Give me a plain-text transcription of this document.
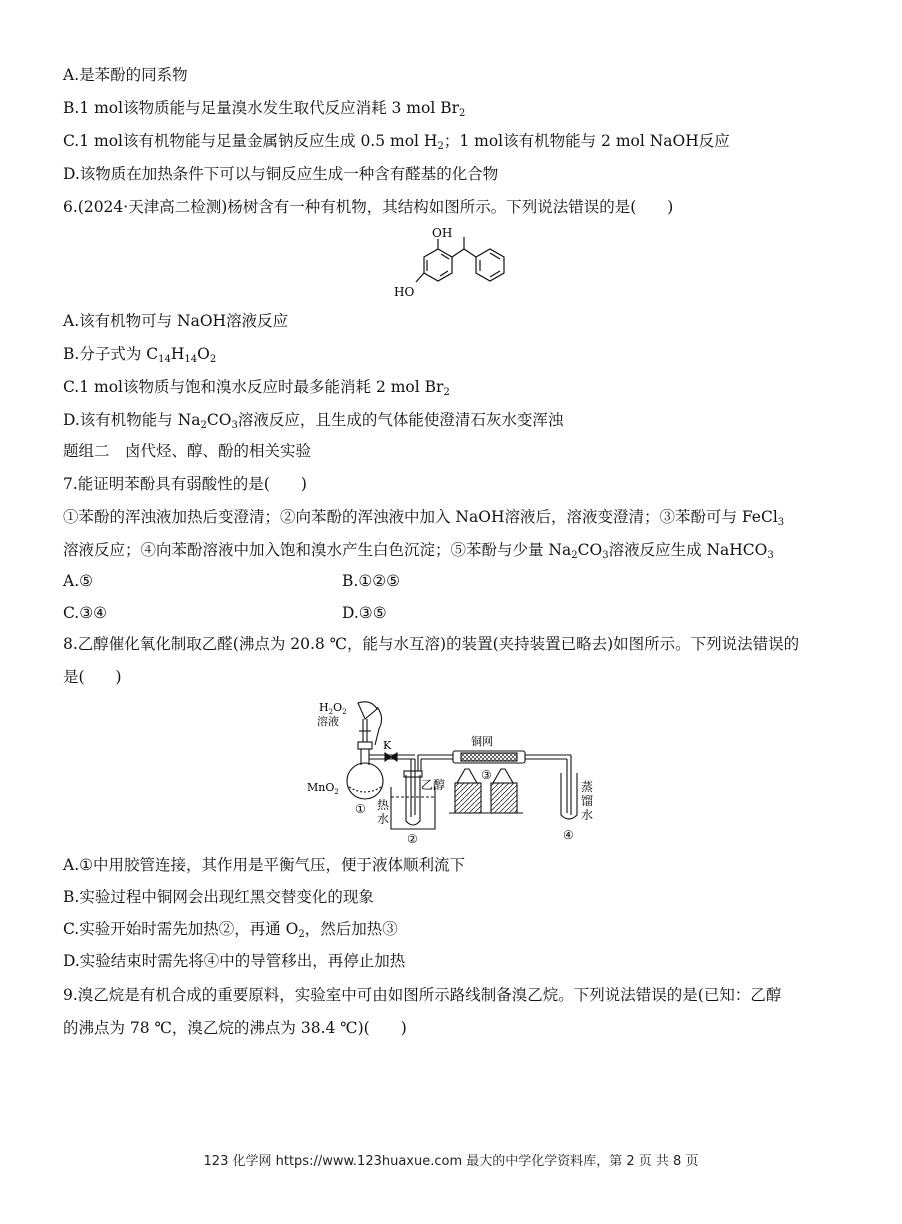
A.是苯酚的同系物
B.1 mol该物质能与足量溴水发生取代反应消耗 3 mol $Br_2$
C.1 mol该有机物能与足量金属钠反应生成 0.5 mol $H_2$；1 mol该有机物能与 2 mol NaOH反应
D.该物质在加热条件下可以与铜反应生成一种含有醛基的化合物
6.(2024·天津高二检测)杨树含有一种有机物，其结构如图所示。下列说法错误的是(　　)
OH
HO
A.该有机物可与 NaOH溶液反应
B.分子式为 $C_{14}H_{14}O_2$
C.1 mol该物质与饱和溴水反应时最多能消耗 2 mol $Br_2$
D.该有机物能与 $Na_2CO_3$溶液反应，且生成的气体能使澄清石灰水变浑浊
题组二　卤代烃、醇、酚的相关实验
7.能证明苯酚具有弱酸性的是(　　)
①苯酚的浑浊液加热后变澄清；②向苯酚的浑浊液中加入 NaOH溶液后，溶液变澄清；③苯酚可与 FeCl$_3$
溶液反应；④向苯酚溶液中加入饱和溴水产生白色沉淀；⑤苯酚与少量 $Na_2CO_3$溶液反应生成 NaHCO$_3$
A.⑤	B.①②⑤
C.③④	D.③⑤
8.乙醇催化氧化制取乙醛(沸点为 20.8 ℃，能与水互溶)的装置(夹持装置已略去)如图所示。下列说法错误的
是(　　)
$H_2O_2$
溶液
K	铜网
MnO$_2$	乙醇
热
水
蒸
馏
水
①
②
③
④
A.①中用胶管连接，其作用是平衡气压，便于液体顺利流下
B.实验过程中铜网会出现红黑交替变化的现象
C.实验开始时需先加热②，再通 $O_2$，然后加热③
D.实验结束时需先将④中的导管移出，再停止加热
9.溴乙烷是有机合成的重要原料，实验室中可由如图所示路线制备溴乙烷。下列说法错误的是(已知：乙醇
的沸点为 78 ℃，溴乙烷的沸点为 38.4 ℃)(　　)
123 化学网 https://www.123huaxue.com 最大的中学化学资料库，第 2 页 共 8 页
